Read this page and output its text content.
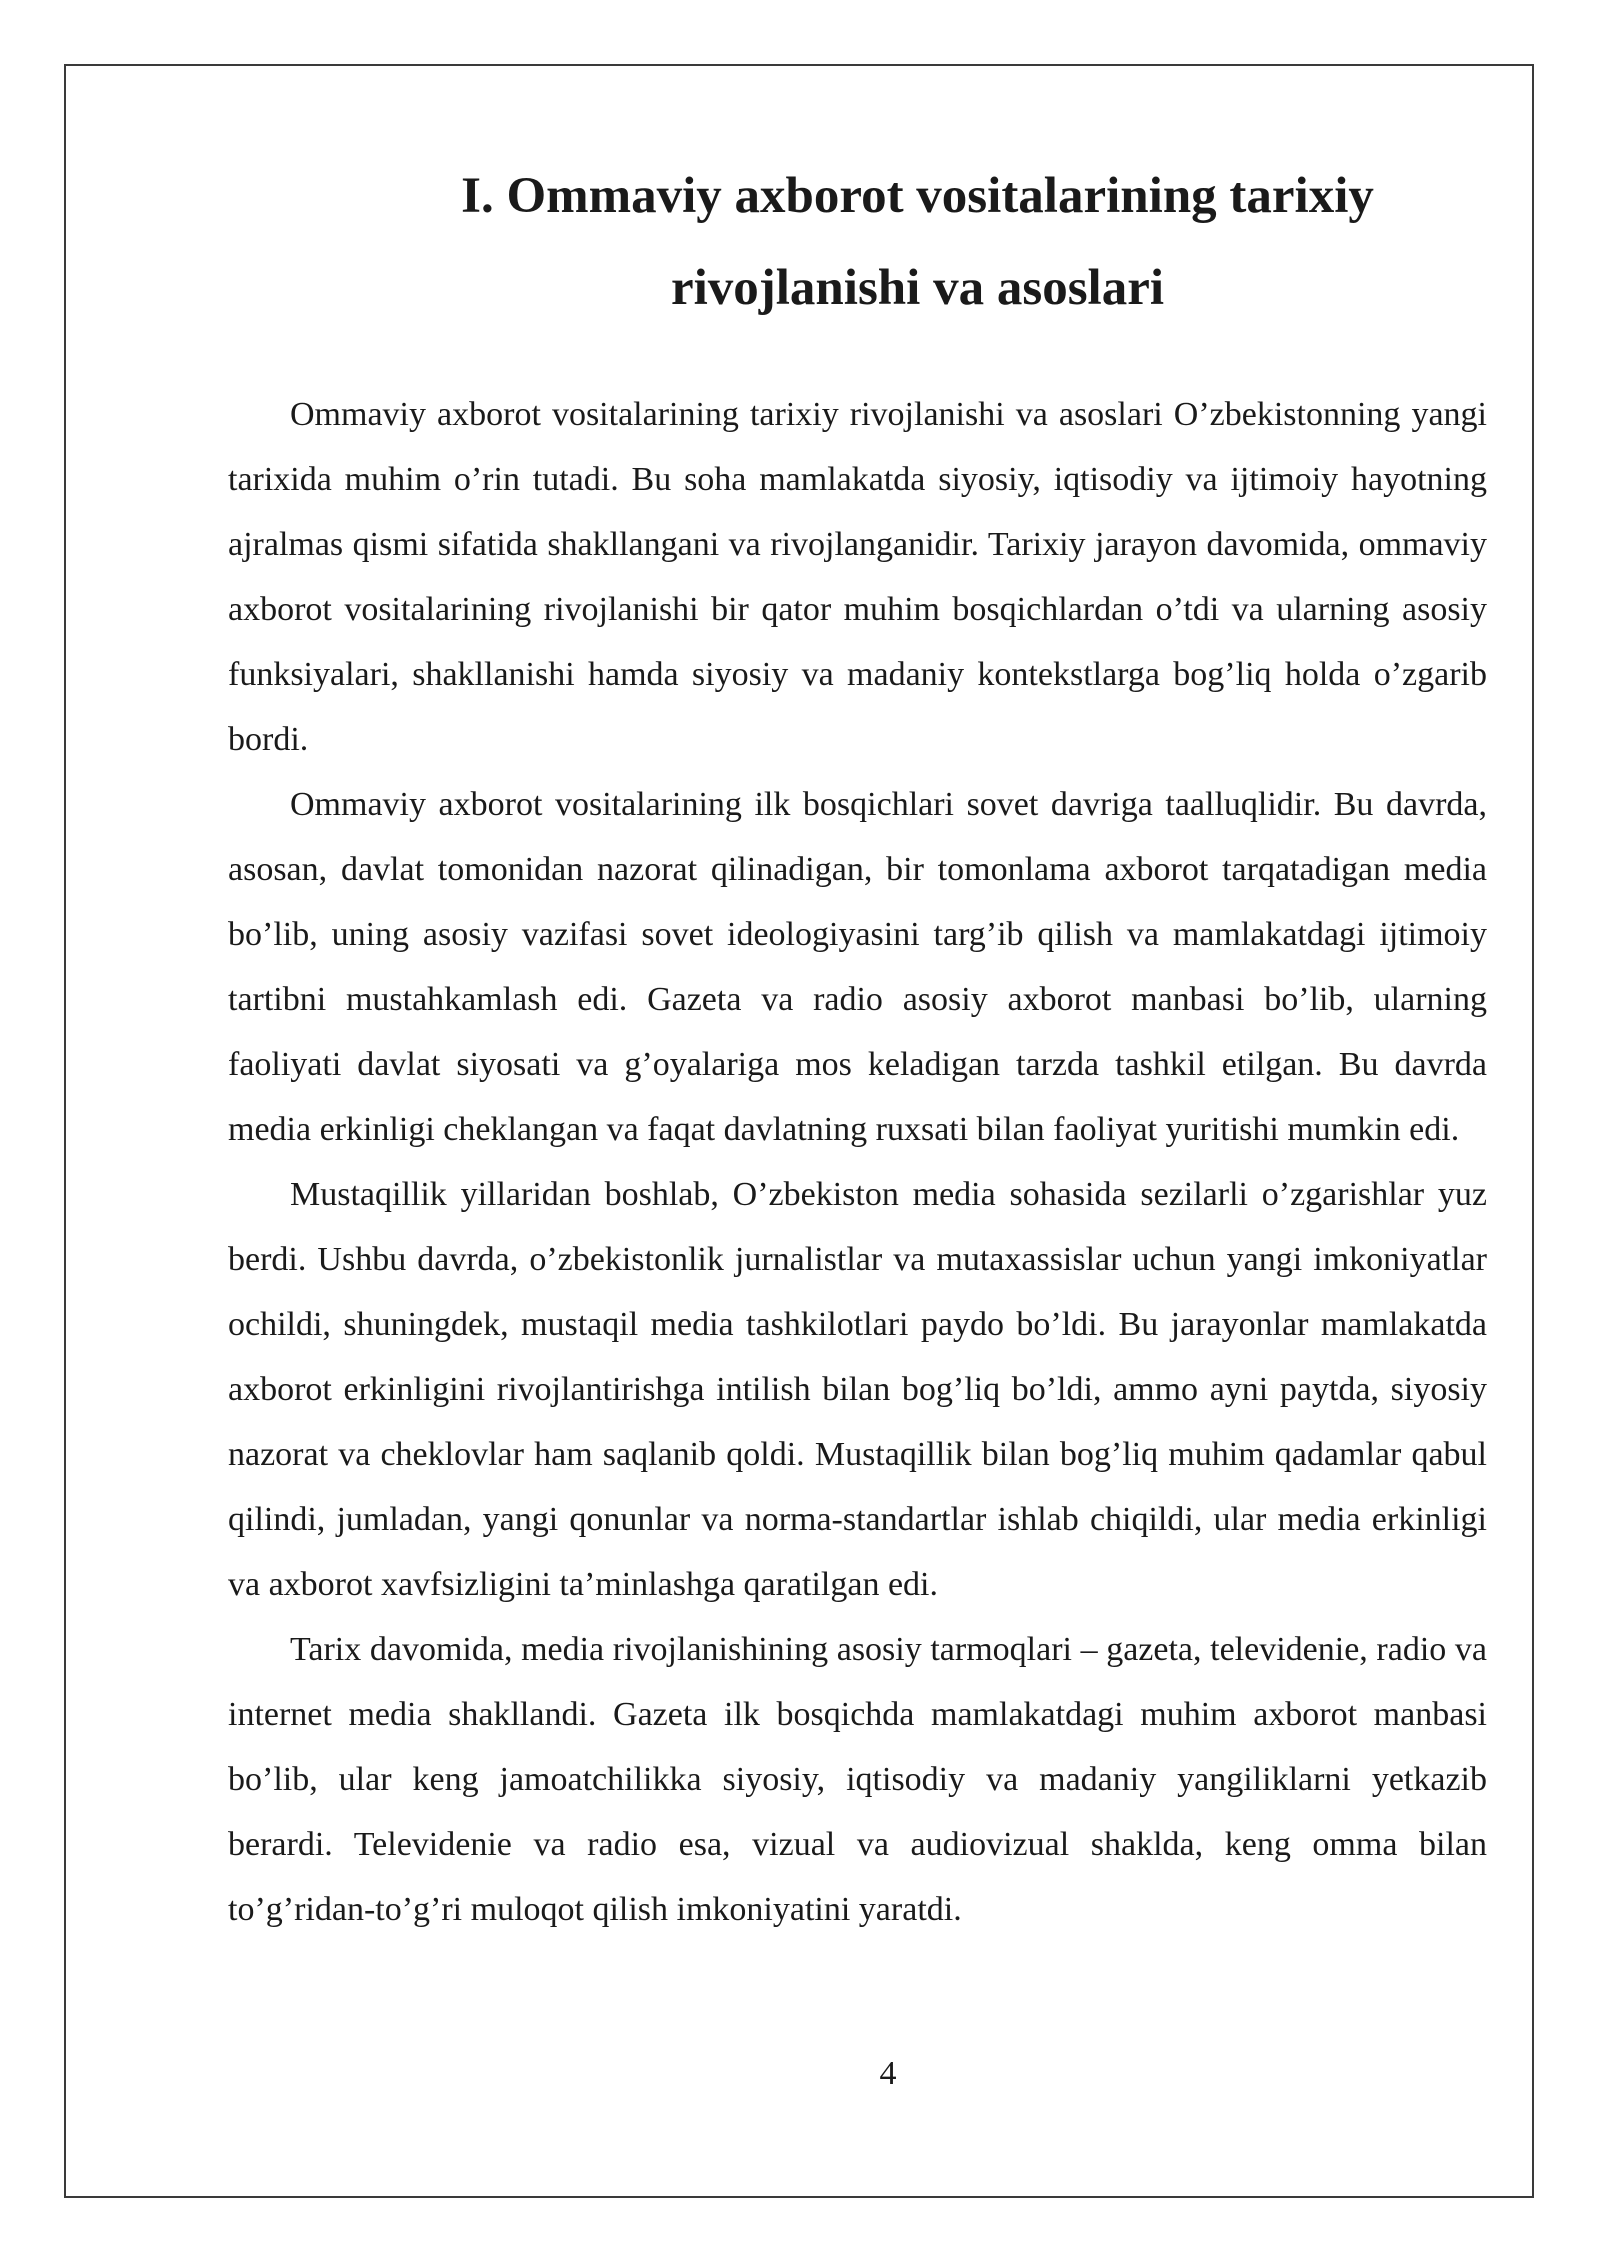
I. Ommaviy axborot vositalarining tarixiy
rivojlanishi va asoslari

Ommaviy axborot vositalarining tarixiy rivojlanishi va asoslari O’zbekistonning yangi tarixida muhim o’rin tutadi. Bu soha mamlakatda siyosiy, iqtisodiy va ijtimoiy hayotning ajralmas qismi sifatida shakllangani va rivojlanganidir. Tarixiy jarayon davomida, ommaviy axborot vositalarining rivojlanishi bir qator muhim bosqichlardan o’tdi va ularning asosiy funksiyalari, shakllanishi hamda siyosiy va madaniy kontekstlarga bog’liq holda o’zgarib bordi.

Ommaviy axborot vositalarining ilk bosqichlari sovet davriga taalluqlidir. Bu davrda, asosan, davlat tomonidan nazorat qilinadigan, bir tomonlama axborot tarqatadigan media bo’lib, uning asosiy vazifasi sovet ideologiyasini targ’ib qilish va mamlakatdagi ijtimoiy tartibni mustahkamlash edi. Gazeta va radio asosiy axborot manbasi bo’lib, ularning faoliyati davlat siyosati va g’oyalariga mos keladigan tarzda tashkil etilgan. Bu davrda media erkinligi cheklangan va faqat davlatning ruxsati bilan faoliyat yuritishi mumkin edi.

Mustaqillik yillaridan boshlab, O’zbekiston media sohasida sezilarli o’zgarishlar yuz berdi. Ushbu davrda, o’zbekistonlik jurnalistlar va mutaxassislar uchun yangi imkoniyatlar ochildi, shuningdek, mustaqil media tashkilotlari paydo bo’ldi. Bu jarayonlar mamlakatda axborot erkinligini rivojlantirishga intilish bilan bog’liq bo’ldi, ammo ayni paytda, siyosiy nazorat va cheklovlar ham saqlanib qoldi. Mustaqillik bilan bog’liq muhim qadamlar qabul qilindi, jumladan, yangi qonunlar va norma-standartlar ishlab chiqildi, ular media erkinligi va axborot xavfsizligini ta’minlashga qaratilgan edi.

Tarix davomida, media rivojlanishining asosiy tarmoqlari – gazeta, televidenie, radio va internet media shakllandi. Gazeta ilk bosqichda mamlakatdagi muhim axborot manbasi bo’lib, ular keng jamoatchilikka siyosiy, iqtisodiy va madaniy yangiliklarni yetkazib berardi. Televidenie va radio esa, vizual va audiovizual shaklda, keng omma bilan to’g’ridan-to’g’ri muloqot qilish imkoniyatini yaratdi.

4
